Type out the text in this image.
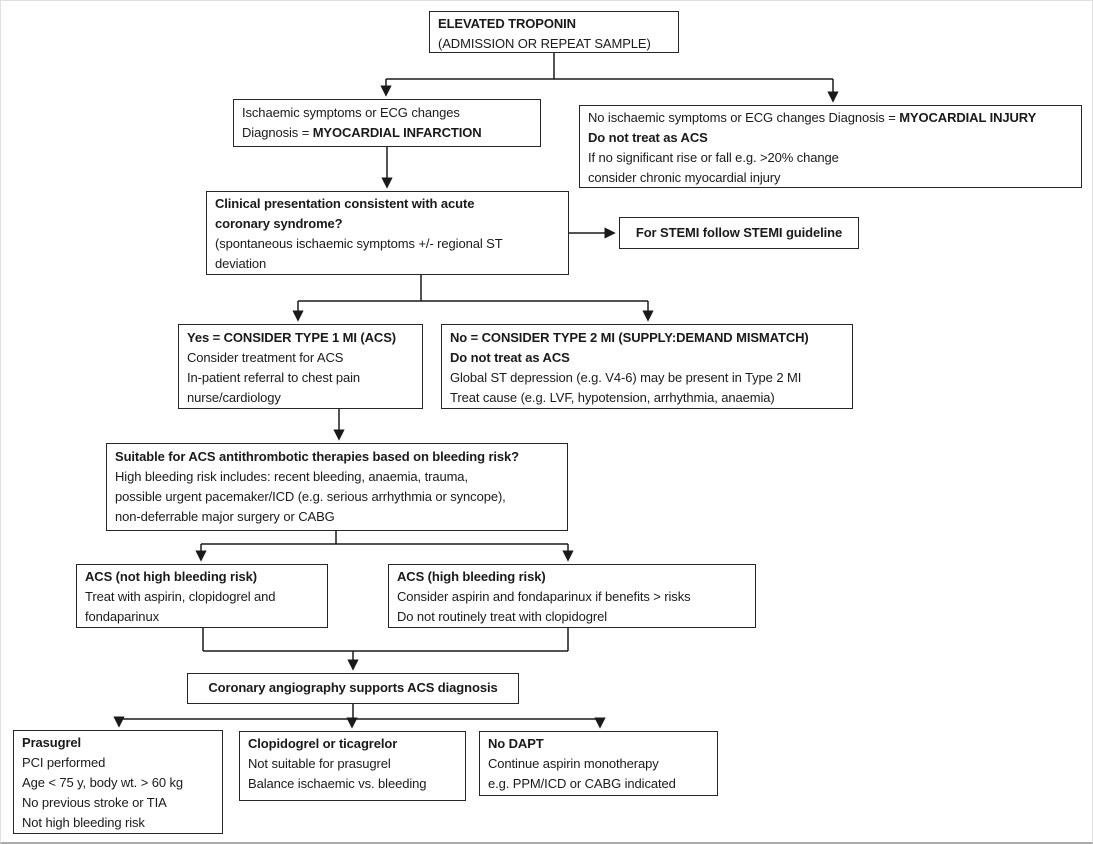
ELEVATED TROPONIN
(ADMISSION OR REPEAT SAMPLE)
Ischaemic symptoms or ECG changes
Diagnosis = MYOCARDIAL INFARCTION
No ischaemic symptoms or ECG changes Diagnosis = MYOCARDIAL INJURY
Do not treat as ACS
If no significant rise or fall e.g. >20% change
consider chronic myocardial injury
Clinical presentation consistent with acute
coronary syndrome?
(spontaneous ischaemic symptoms +/- regional ST
deviation
For STEMI follow STEMI guideline
Yes = CONSIDER TYPE 1 MI (ACS)
Consider treatment for ACS
In-patient referral to chest pain
nurse/cardiology
No = CONSIDER TYPE 2 MI (SUPPLY:DEMAND MISMATCH)
Do not treat as ACS
Global ST depression (e.g. V4-6) may be present in Type 2 MI
Treat cause (e.g. LVF, hypotension, arrhythmia, anaemia)
Suitable for ACS antithrombotic therapies based on bleeding risk?
High bleeding risk includes: recent bleeding, anaemia, trauma,
possible urgent pacemaker/ICD (e.g. serious arrhythmia or syncope),
non-deferrable major surgery or CABG
ACS (not high bleeding risk)
Treat with aspirin, clopidogrel and
fondaparinux
ACS (high bleeding risk)
Consider aspirin and fondaparinux if benefits > risks
Do not routinely treat with clopidogrel
Coronary angiography supports ACS diagnosis
Prasugrel
PCI performed
Age < 75 y, body wt. > 60 kg
No previous stroke or TIA
Not high bleeding risk
Clopidogrel or ticagrelor
Not suitable for prasugrel
Balance ischaemic vs. bleeding
No DAPT
Continue aspirin monotherapy
e.g. PPM/ICD or CABG indicated
